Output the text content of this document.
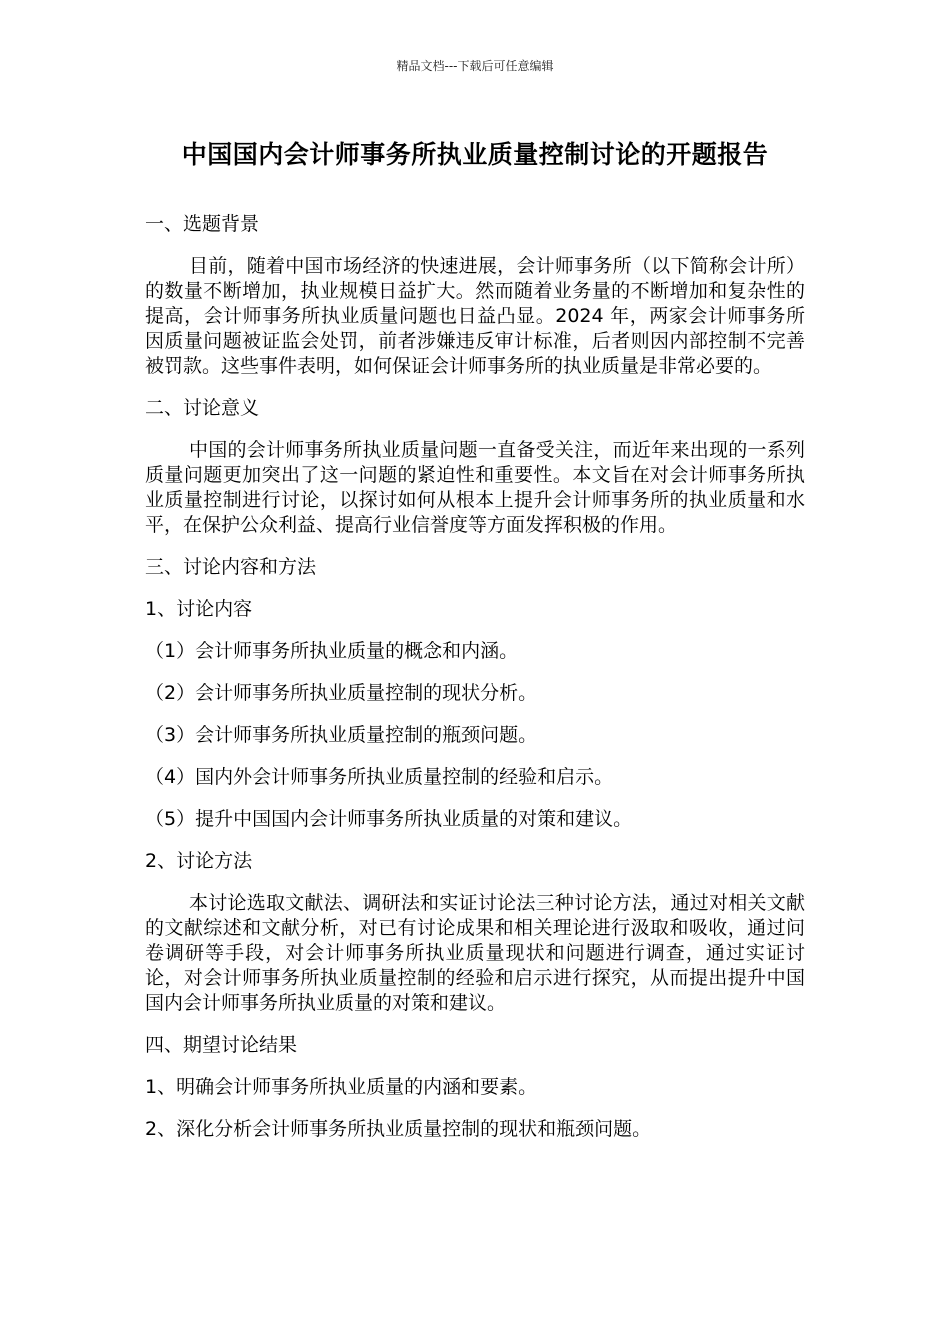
精品文档---下载后可任意编辑
中国国内会计师事务所执业质量控制讨论的开题报告

一、选题背景

目前，随着中国市场经济的快速进展，会计师事务所（以下简称会计所）的数量不断增加，执业规模日益扩大。然而随着业务量的不断增加和复杂性的提高，会计师事务所执业质量问题也日益凸显。2024 年，两家会计师事务所因质量问题被证监会处罚，前者涉嫌违反审计标准，后者则因内部控制不完善被罚款。这些事件表明，如何保证会计师事务所的执业质量是非常必要的。

二、讨论意义

中国的会计师事务所执业质量问题一直备受关注，而近年来出现的一系列质量问题更加突出了这一问题的紧迫性和重要性。本文旨在对会计师事务所执业质量控制进行讨论，以探讨如何从根本上提升会计师事务所的执业质量和水平，在保护公众利益、提高行业信誉度等方面发挥积极的作用。

三、讨论内容和方法

1、讨论内容

（1）会计师事务所执业质量的概念和内涵。

（2）会计师事务所执业质量控制的现状分析。

（3）会计师事务所执业质量控制的瓶颈问题。

（4）国内外会计师事务所执业质量控制的经验和启示。

（5）提升中国国内会计师事务所执业质量的对策和建议。

2、讨论方法

本讨论选取文献法、调研法和实证讨论法三种讨论方法，通过对相关文献的文献综述和文献分析，对已有讨论成果和相关理论进行汲取和吸收，通过问卷调研等手段，对会计师事务所执业质量现状和问题进行调查，通过实证讨论，对会计师事务所执业质量控制的经验和启示进行探究，从而提出提升中国国内会计师事务所执业质量的对策和建议。

四、期望讨论结果

1、明确会计师事务所执业质量的内涵和要素。

2、深化分析会计师事务所执业质量控制的现状和瓶颈问题。
